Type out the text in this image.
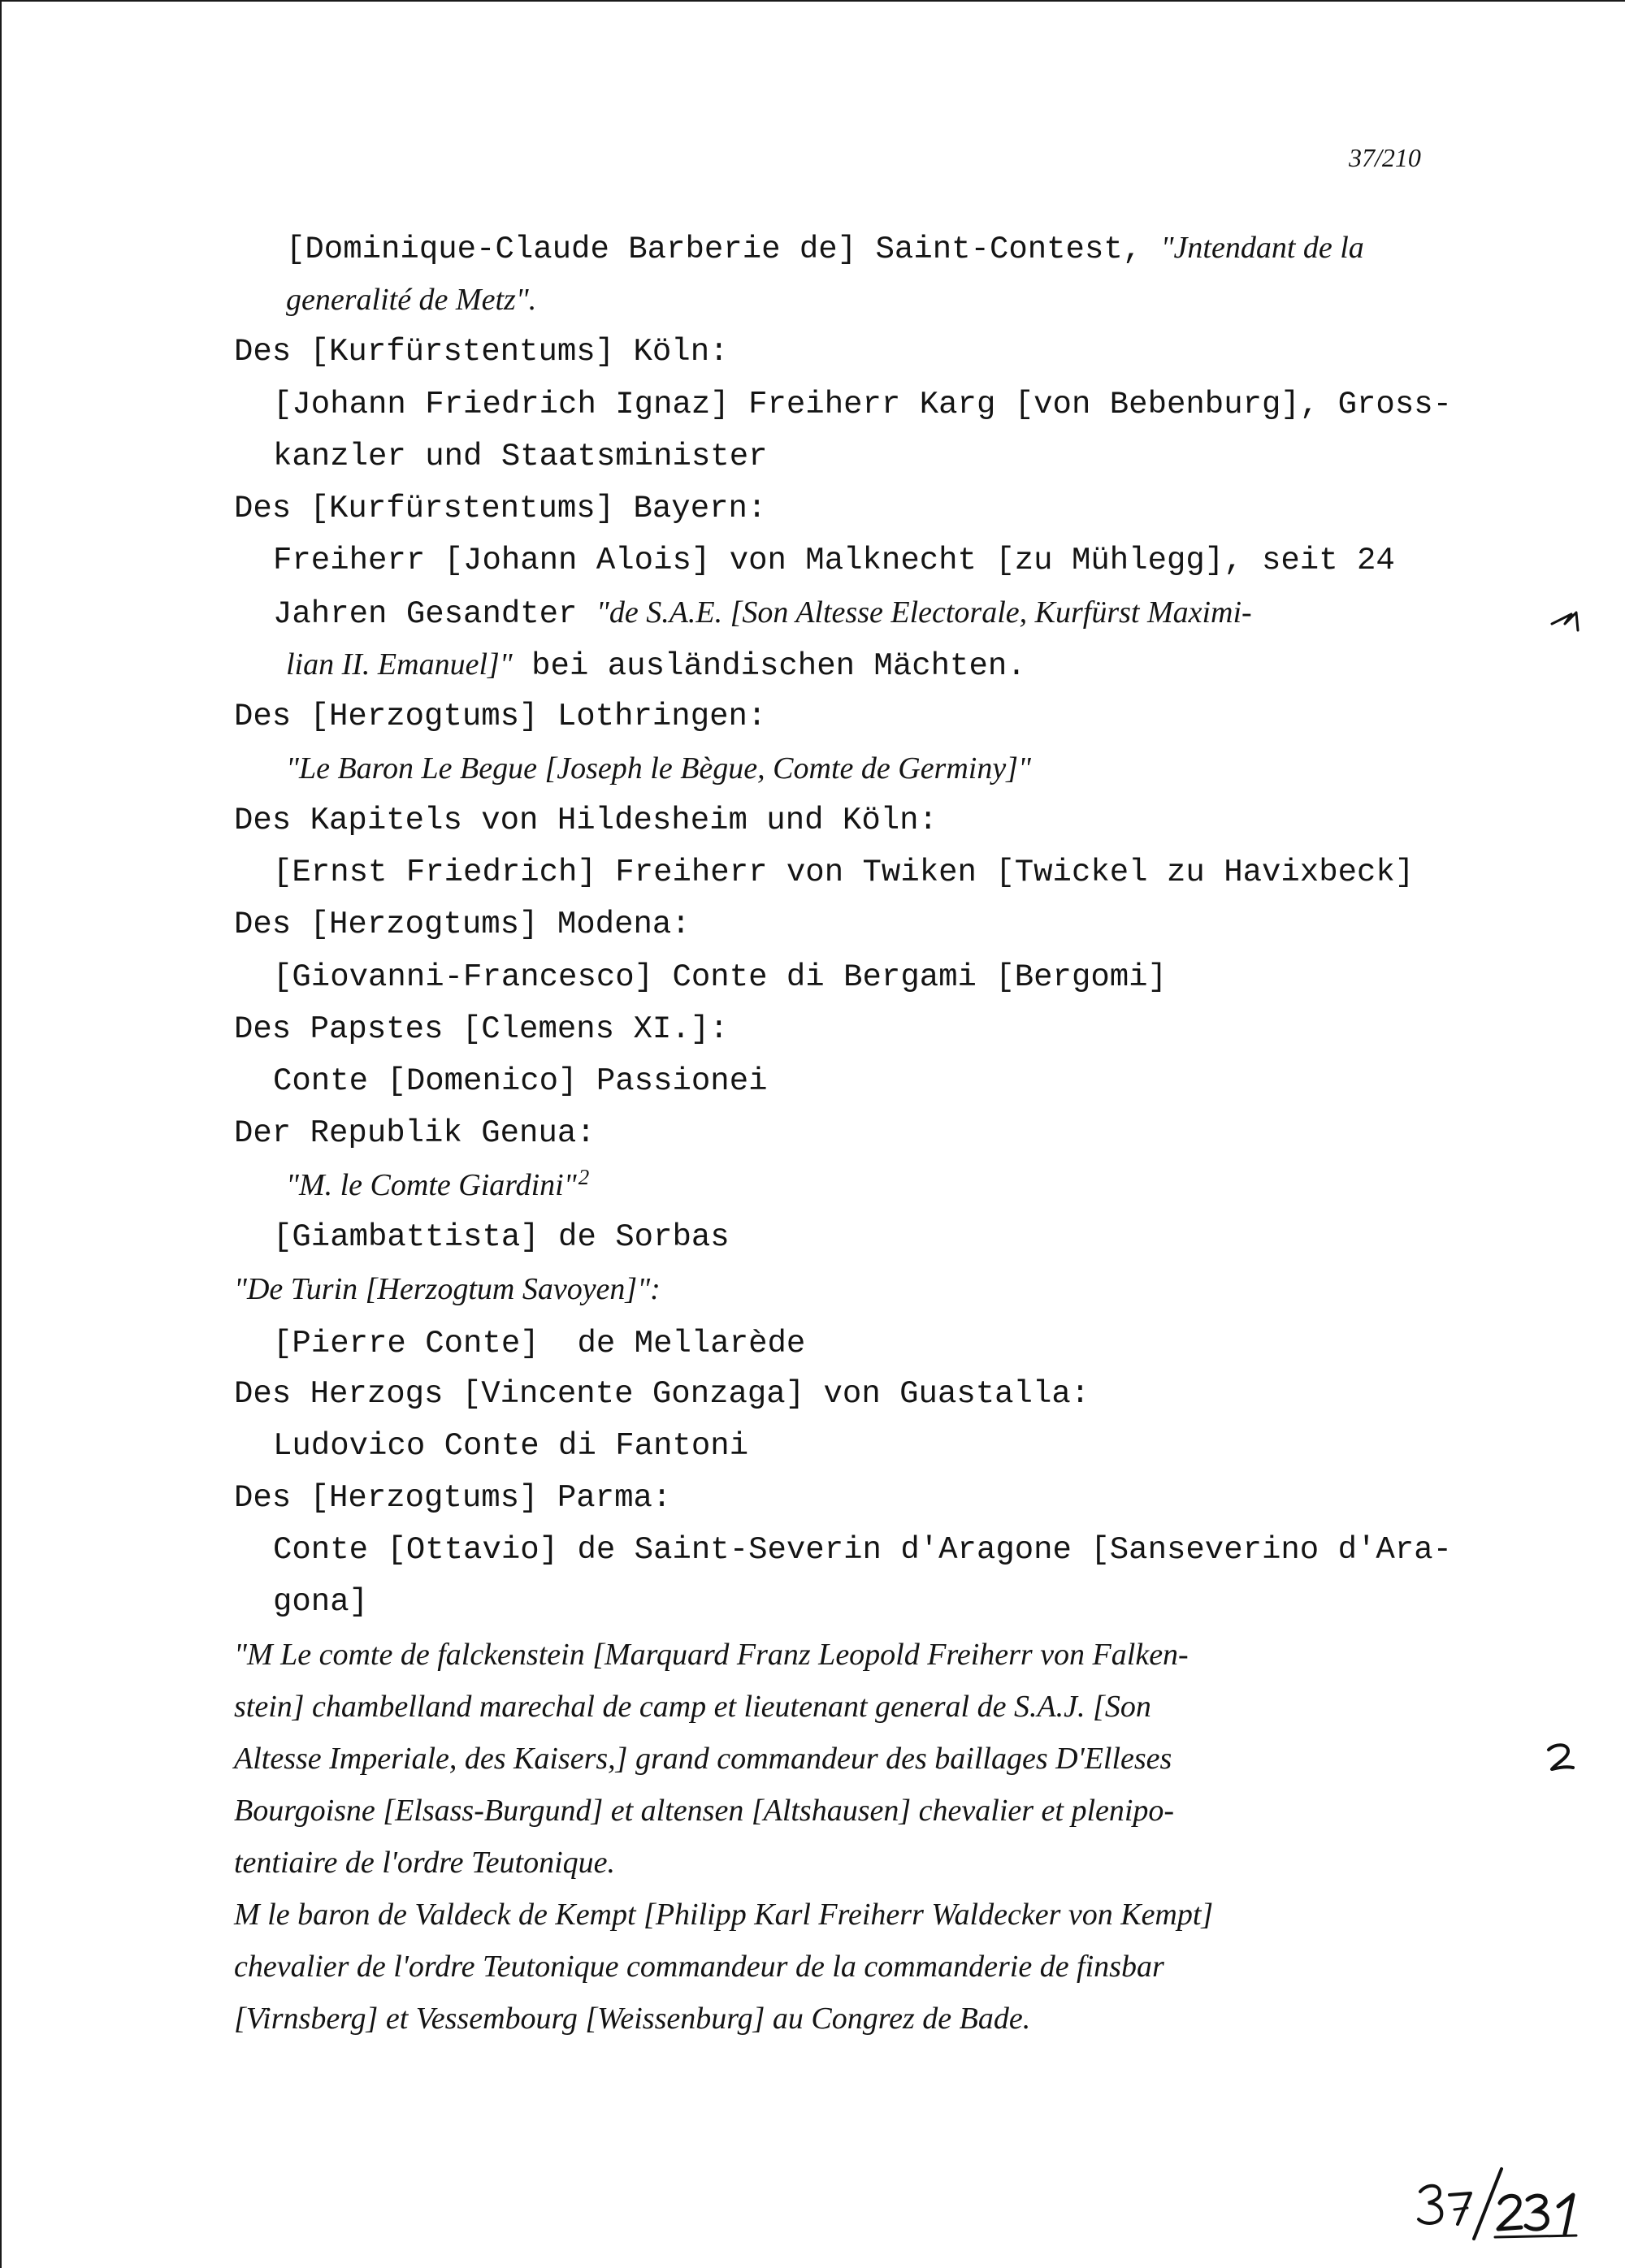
37/210
[Dominique-Claude Barberie de] Saint-Contest, "Jntendant de la
generalité de Metz".
Des [Kurfürstentums] Köln:
[Johann Friedrich Ignaz] Freiherr Karg [von Bebenburg], Gross-
kanzler und Staatsminister
Des [Kurfürstentums] Bayern:
Freiherr [Johann Alois] von Malknecht [zu Mühlegg], seit 24
Jahren Gesandter "de S.A.E. [Son Altesse Electorale, Kurfürst Maximi-
lian II. Emanuel]" bei ausländischen Mächten.
Des [Herzogtums] Lothringen:
"Le Baron Le Begue [Joseph le Bègue, Comte de Germiny]"
Des Kapitels von Hildesheim und Köln:
[Ernst Friedrich] Freiherr von Twiken [Twickel zu Havixbeck]
Des [Herzogtums] Modena:
[Giovanni-Francesco] Conte di Bergami [Bergomi]
Des Papstes [Clemens XI.]:
Conte [Domenico] Passionei
Der Republik Genua:
"M. le Comte Giardini"$^2$
[Giambattista] de Sorbas
"De Turin [Herzogtum Savoyen]":
[Pierre Conte]  de Mellarède
Des Herzogs [Vincente Gonzaga] von Guastalla:
Ludovico Conte di Fantoni
Des [Herzogtums] Parma:
Conte [Ottavio] de Saint-Severin d'Aragone [Sanseverino d'Ara-
gona]
"M Le comte de falckenstein [Marquard Franz Leopold Freiherr von Falken-
stein] chambelland marechal de camp et lieutenant general de S.A.J. [Son
Altesse Imperiale, des Kaisers,] grand commandeur des baillages D'Elleses
Bourgoisne [Elsass-Burgund] et altensen [Altshausen] chevalier et plenipo-
tentiaire de l'ordre Teutonique.
M le baron de Valdeck de Kempt [Philipp Karl Freiherr Waldecker von Kempt]
chevalier de l'ordre Teutonique commandeur de la commanderie de finsbar
[Virnsberg] et Vessembourg [Weissenburg] au Congrez de Bade.
